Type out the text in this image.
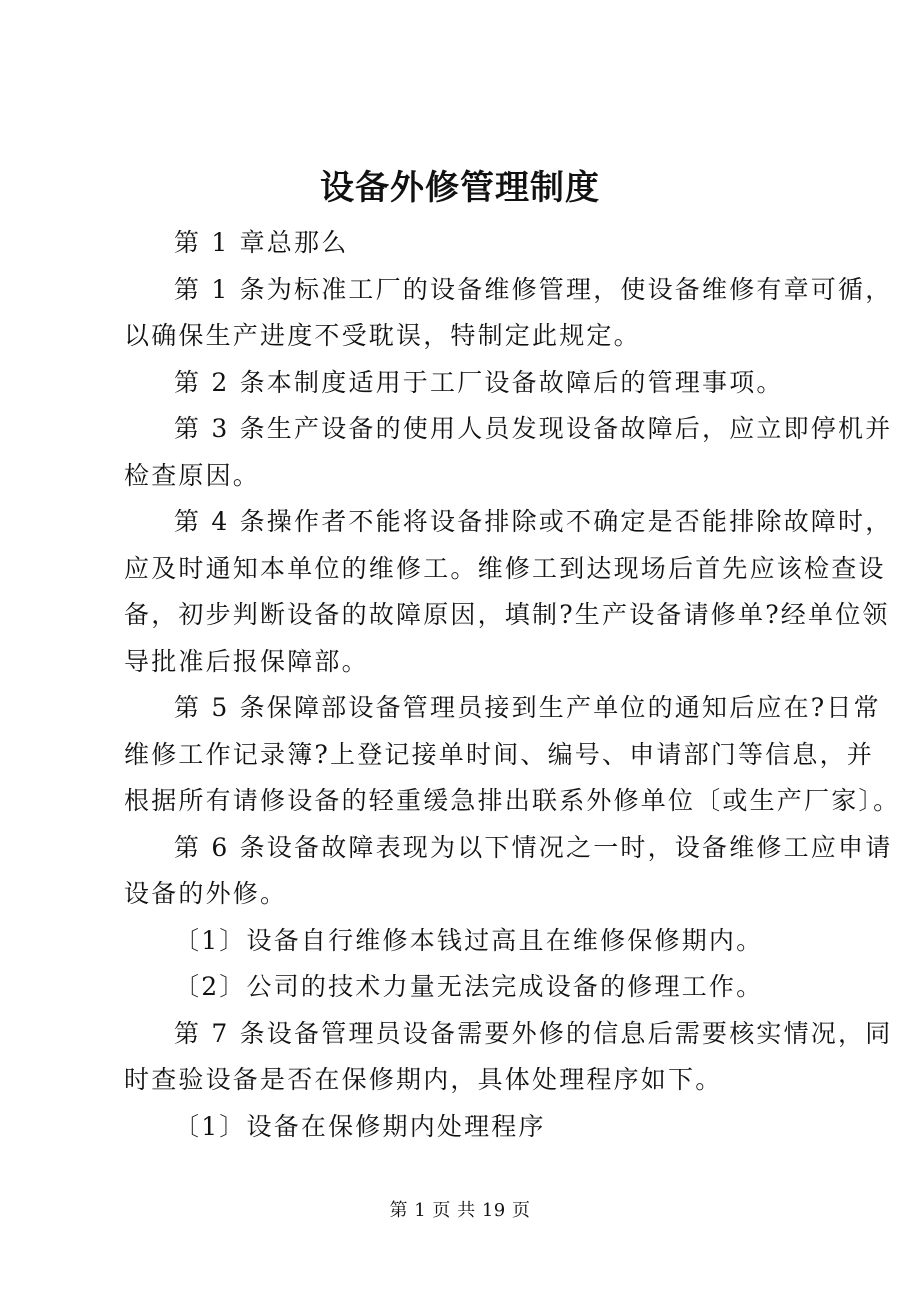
设备外修管理制度

第 1 章总那么

第 1 条为标准工厂的设备维修管理，使设备维修有章可循，

以确保生产进度不受耽误，特制定此规定。

第 2 条本制度适用于工厂设备故障后的管理事项。

第 3 条生产设备的使用人员发现设备故障后，应立即停机并

检查原因。

第 4 条操作者不能将设备排除或不确定是否能排除故障时，

应及时通知本单位的维修工。维修工到达现场后首先应该检查设

备，初步判断设备的故障原因，填制?生产设备请修单?经单位领

导批准后报保障部。

第 5 条保障部设备管理员接到生产单位的通知后应在?日常

维修工作记录簿?上登记接单时间、编号、申请部门等信息，并

根据所有请修设备的轻重缓急排出联系外修单位〔或生产厂家〕。

第 6 条设备故障表现为以下情况之一时，设备维修工应申请

设备的外修。

〔1〕设备自行维修本钱过高且在维修保修期内。

〔2〕公司的技术力量无法完成设备的修理工作。

第 7 条设备管理员设备需要外修的信息后需要核实情况，同

时查验设备是否在保修期内，具体处理程序如下。

〔1〕设备在保修期内处理程序

第 1 页 共 19 页
